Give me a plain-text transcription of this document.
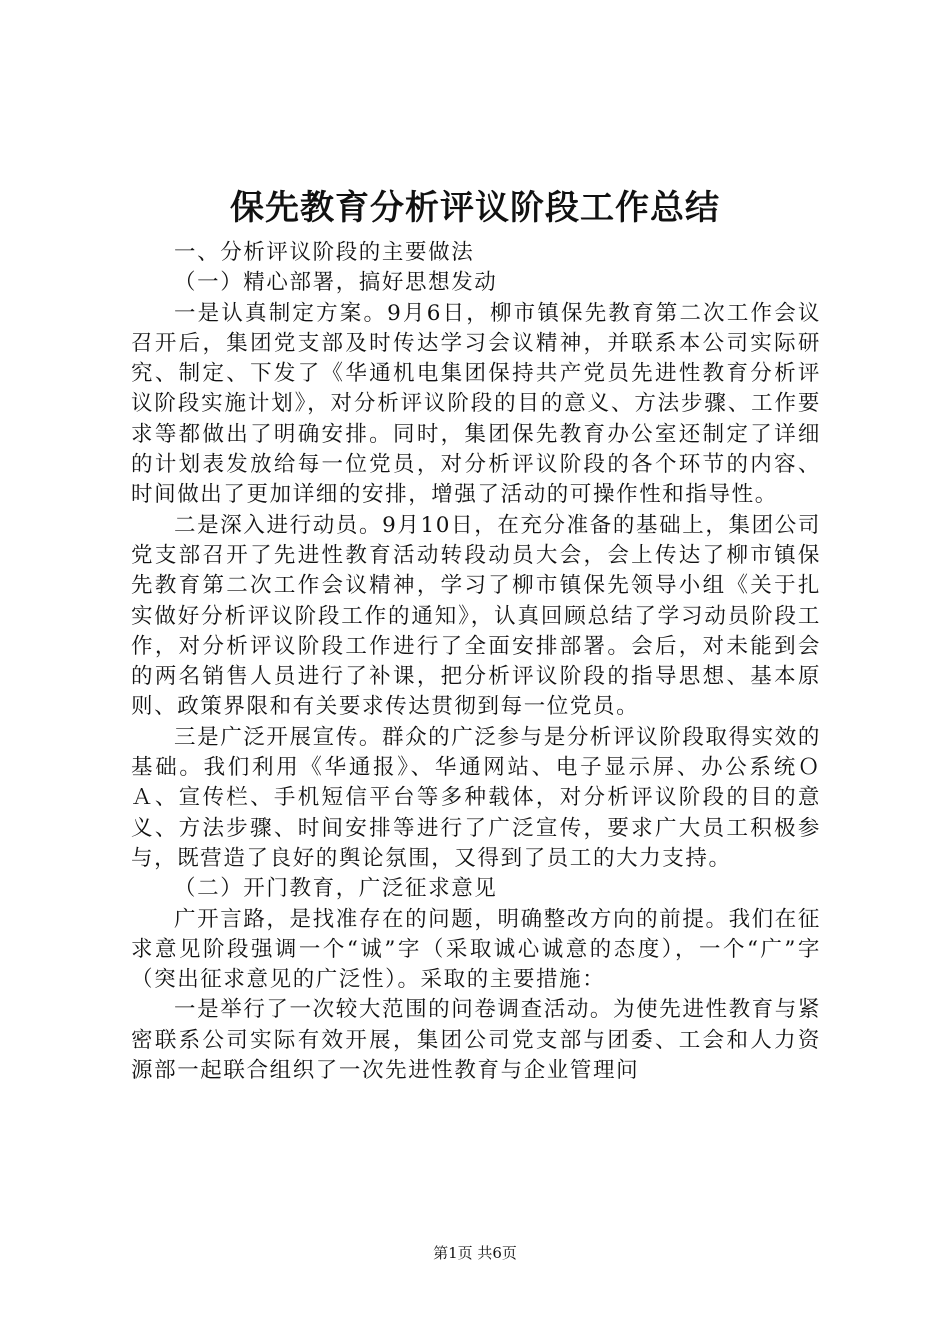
保先教育分析评议阶段工作总结

一、分析评议阶段的主要做法

（一）精心部署，搞好思想发动

一是认真制定方案。9月6日，柳市镇保先教育第二次工作会议召开后，集团党支部及时传达学习会议精神，并联系本公司实际研究、制定、下发了《华通机电集团保持共产党员先进性教育分析评议阶段实施计划》，对分析评议阶段的目的意义、方法步骤、工作要求等都做出了明确安排。同时，集团保先教育办公室还制定了详细的计划表发放给每一位党员，对分析评议阶段的各个环节的内容、时间做出了更加详细的安排，增强了活动的可操作性和指导性。

二是深入进行动员。9月10日，在充分准备的基础上，集团公司党支部召开了先进性教育活动转段动员大会，会上传达了柳市镇保先教育第二次工作会议精神，学习了柳市镇保先领导小组《关于扎实做好分析评议阶段工作的通知》，认真回顾总结了学习动员阶段工作，对分析评议阶段工作进行了全面安排部署。会后，对未能到会的两名销售人员进行了补课，把分析评议阶段的指导思想、基本原则、政策界限和有关要求传达贯彻到每一位党员。

三是广泛开展宣传。群众的广泛参与是分析评议阶段取得实效的基础。我们利用《华通报》、华通网站、电子显示屏、办公系统ＯＡ、宣传栏、手机短信平台等多种载体，对分析评议阶段的目的意义、方法步骤、时间安排等进行了广泛宣传，要求广大员工积极参与，既营造了良好的舆论氛围，又得到了员工的大力支持。

（二）开门教育，广泛征求意见

广开言路，是找准存在的问题，明确整改方向的前提。我们在征求意见阶段强调一个“诚”字（采取诚心诚意的态度），一个“广”字（突出征求意见的广泛性）。采取的主要措施：

一是举行了一次较大范围的问卷调查活动。为使先进性教育与紧密联系公司实际有效开展，集团公司党支部与团委、工会和人力资源部一起联合组织了一次先进性教育与企业管理问

第1页 共6页
